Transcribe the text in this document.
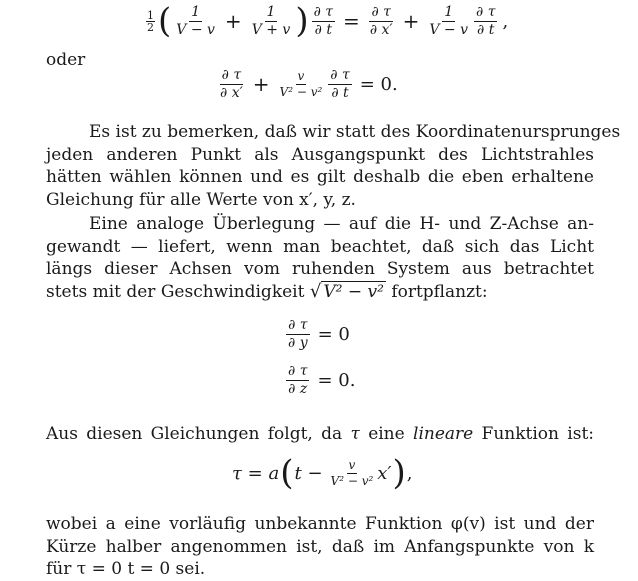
$\frac{1}{2}$ ( $\frac{1}{V - v} + \frac{1}{V + v}$ ) $\frac{\partial \tau}{\partial t} = \frac{\partial \tau}{\partial x'} + \frac{1}{V - v} \frac{\partial \tau}{\partial t}$ ,
oder
$\frac{\partial \tau}{\partial x'} + \frac{v}{\text{V² − v²}} \frac{\partial \tau}{\partial t} = 0$.
Es ist zu bemerken, daß wir statt des Koordinatenursprunges
jeden anderen Punkt als Ausgangspunkt des Lichtstrahles
hätten wählen können und es gilt deshalb die eben erhaltene
Gleichung für alle Werte von x′, y, z.
Eine analoge Überlegung — auf die H- und Z-Achse an-
gewandt — liefert, wenn man beachtet, daß sich das Licht
längs dieser Achsen vom ruhenden System aus betrachtet
stets mit der Geschwindigkeit √ V² − v² fortpflanzt:
$\frac{\partial \tau}{\partial y} = 0$
$\frac{\partial \tau}{\partial z} = 0$.
Aus diesen Gleichungen folgt, da τ eine lineare Funktion ist:
τ = a ( $t - \frac{v}{\text{V² − v²}} x'$ ) ,
wobei a eine vorläufig unbekannte Funktion φ(v) ist und der
Kürze halber angenommen ist, daß im Anfangspunkte von k
für τ = 0 t = 0 sei.
